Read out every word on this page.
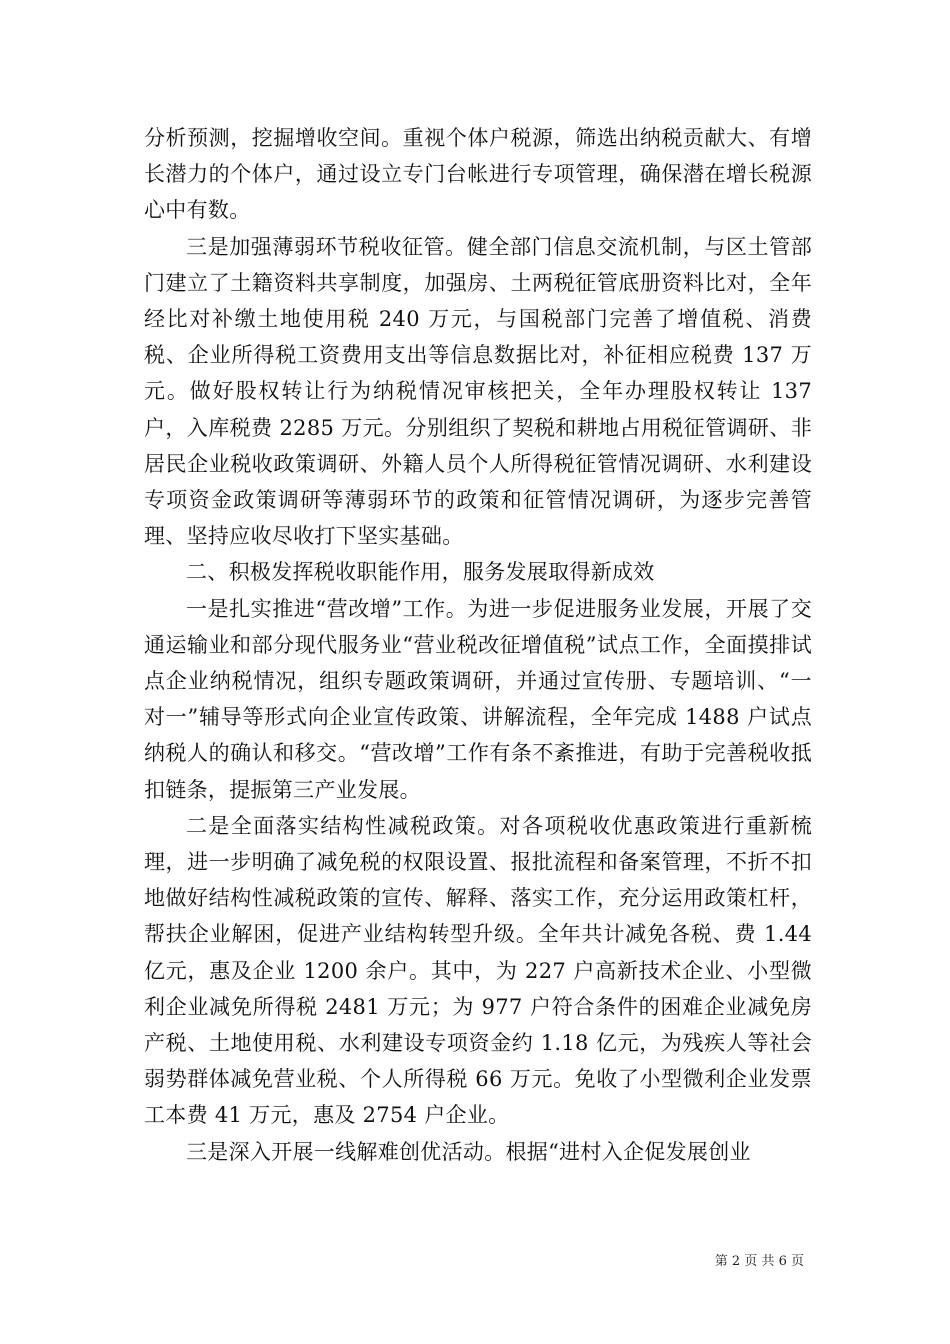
分析预测，挖掘增收空间。重视个体户税源，筛选出纳税贡献大、有增长潜力的个体户，通过设立专门台帐进行专项管理，确保潜在增长税源心中有数。

三是加强薄弱环节税收征管。健全部门信息交流机制，与区土管部门建立了土籍资料共享制度，加强房、土两税征管底册资料比对，全年经比对补缴土地使用税 240 万元，与国税部门完善了增值税、消费税、企业所得税工资费用支出等信息数据比对，补征相应税费 137 万元。做好股权转让行为纳税情况审核把关，全年办理股权转让 137 户，入库税费 2285 万元。分别组织了契税和耕地占用税征管调研、非居民企业税收政策调研、外籍人员个人所得税征管情况调研、水利建设专项资金政策调研等薄弱环节的政策和征管情况调研，为逐步完善管理、坚持应收尽收打下坚实基础。

二、积极发挥税收职能作用，服务发展取得新成效

一是扎实推进“营改增”工作。为进一步促进服务业发展，开展了交通运输业和部分现代服务业“营业税改征增值税”试点工作，全面摸排试点企业纳税情况，组织专题政策调研，并通过宣传册、专题培训、“一对一”辅导等形式向企业宣传政策、讲解流程，全年完成 1488 户试点纳税人的确认和移交。“营改增”工作有条不紊推进，有助于完善税收抵扣链条，提振第三产业发展。

二是全面落实结构性减税政策。对各项税收优惠政策进行重新梳理，进一步明确了减免税的权限设置、报批流程和备案管理，不折不扣地做好结构性减税政策的宣传、解释、落实工作，充分运用政策杠杆，帮扶企业解困，促进产业结构转型升级。全年共计减免各税、费 1.44 亿元，惠及企业 1200 余户。其中，为 227 户高新技术企业、小型微利企业减免所得税 2481 万元；为 977 户符合条件的困难企业减免房产税、土地使用税、水利建设专项资金约 1.18 亿元，为残疾人等社会弱势群体减免营业税、个人所得税 66 万元。免收了小型微利企业发票工本费 41 万元，惠及 2754 户企业。

三是深入开展一线解难创优活动。根据“进村入企促发展创业

第 2 页 共 6 页
